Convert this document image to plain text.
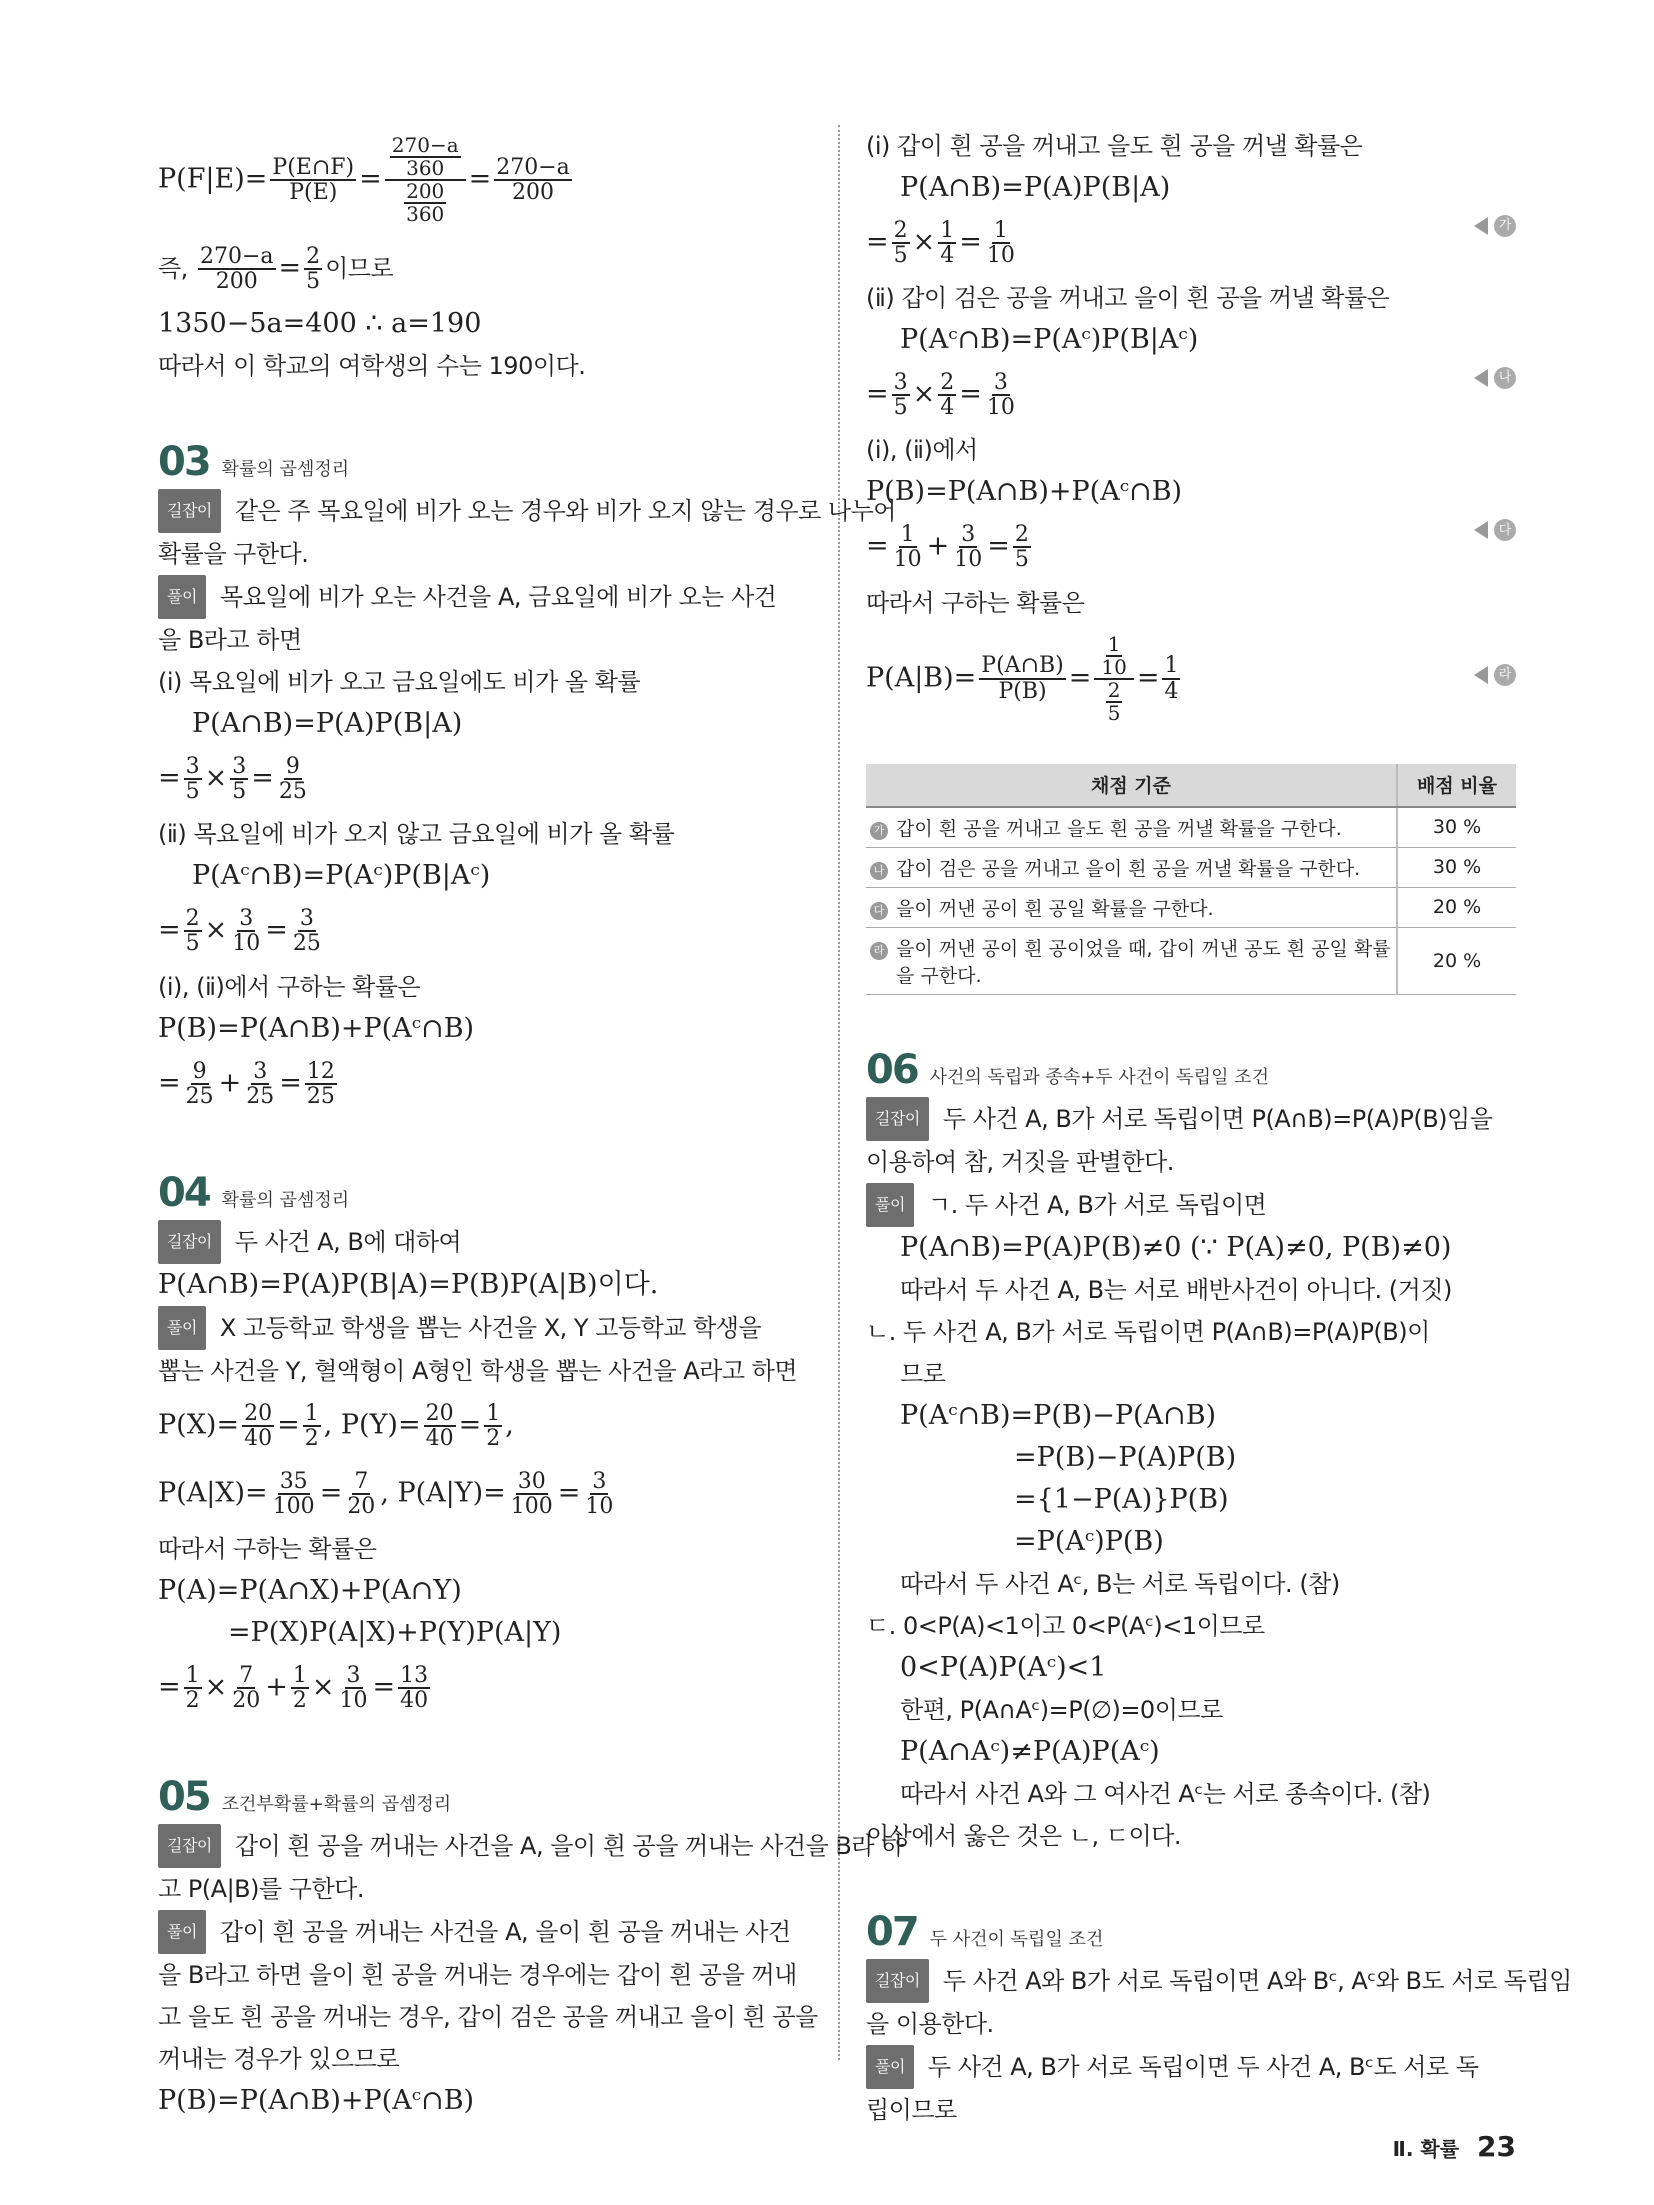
$P(F|E)= \frac{P(E\cap F)}{P(E)} = \frac{\frac{270-a}{360}}{\frac{200}{360}} = \frac{270-a}{200}$
즉, $\frac{270-a}{200} = \frac{2}{5}$ 이므로
1350−5a=400 ∴ a=190
따라서 이 학교의 여학생의 수는 190이다.
03 확률의 곱셈정리
길잡이 같은 주 목요일에 비가 오는 경우와 비가 오지 않는 경우로 나누어
확률을 구한다.
풀이 목요일에 비가 오는 사건을 A, 금요일에 비가 오는 사건
을 B라고 하면
(ⅰ) 목요일에 비가 오고 금요일에도 비가 올 확률
P(A∩B)=P(A)P(B|A)
= $\frac{3}{5} \times \frac{3}{5} = \frac{9}{25}$
(ⅱ) 목요일에 비가 오지 않고 금요일에 비가 올 확률
P(Aᶜ∩B)=P(Aᶜ)P(B|Aᶜ)
= $\frac{2}{5} \times \frac{3}{10} = \frac{3}{25}$
(ⅰ), (ⅱ)에서 구하는 확률은
P(B)=P(A∩B)+P(Aᶜ∩B)
= $\frac{9}{25} + \frac{3}{25} = \frac{12}{25}$
04 확률의 곱셈정리
길잡이 두 사건 A, B에 대하여
P(A∩B)=P(A)P(B|A)=P(B)P(A|B)이다.
풀이 X 고등학교 학생을 뽑는 사건을 X, Y 고등학교 학생을
뽑는 사건을 Y, 혈액형이 A형인 학생을 뽑는 사건을 A라고 하면
$P(X)= \frac{20}{40} = \frac{1}{2}$ , $P(Y)= \frac{20}{40} = \frac{1}{2}$ ,
$P(A|X)= \frac{35}{100} = \frac{7}{20}$ , $P(A|Y)= \frac{30}{100} = \frac{3}{10}$
따라서 구하는 확률은
P(A)=P(A∩X)+P(A∩Y)
=P(X)P(A|X)+P(Y)P(A|Y)
= $\frac{1}{2} \times \frac{7}{20} + \frac{1}{2} \times \frac{3}{10} = \frac{13}{40}$
05 조건부확률+확률의 곱셈정리
길잡이 갑이 흰 공을 꺼내는 사건을 A, 을이 흰 공을 꺼내는 사건을 B라 하
고 P(A|B)를 구한다.
풀이 갑이 흰 공을 꺼내는 사건을 A, 을이 흰 공을 꺼내는 사건
을 B라고 하면 을이 흰 공을 꺼내는 경우에는 갑이 흰 공을 꺼내
고 을도 흰 공을 꺼내는 경우, 갑이 검은 공을 꺼내고 을이 흰 공을
꺼내는 경우가 있으므로
P(B)=P(A∩B)+P(Aᶜ∩B)
(ⅰ) 갑이 흰 공을 꺼내고 을도 흰 공을 꺼낼 확률은
P(A∩B)=P(A)P(B|A)
= $\frac{2}{5} \times \frac{1}{4} = \frac{1}{10}$	가
(ⅱ) 갑이 검은 공을 꺼내고 을이 흰 공을 꺼낼 확률은
P(Aᶜ∩B)=P(Aᶜ)P(B|Aᶜ)
= $\frac{3}{5} \times \frac{2}{4} = \frac{3}{10}$	나
(ⅰ), (ⅱ)에서
P(B)=P(A∩B)+P(Aᶜ∩B)
= $\frac{1}{10} + \frac{3}{10} = \frac{2}{5}$	다
따라서 구하는 확률은
$P(A|B)= \frac{P(A\cap B)}{P(B)} = \frac{\frac{1}{10}}{\frac{2}{5}} = \frac{1}{4}$	라
채점 기준	배점 비율
가 갑이 흰 공을 꺼내고 을도 흰 공을 꺼낼 확률을 구한다.	30 %
나 갑이 검은 공을 꺼내고 을이 흰 공을 꺼낼 확률을 구한다.	30 %
다 을이 꺼낸 공이 흰 공일 확률을 구한다.	20 %
라 을이 꺼낸 공이 흰 공이었을 때, 갑이 꺼낸 공도 흰 공일 확률
을 구한다.	20 %
06 사건의 독립과 종속+두 사건이 독립일 조건
길잡이 두 사건 A, B가 서로 독립이면 P(A∩B)=P(A)P(B)임을
이용하여 참, 거짓을 판별한다.
풀이 ㄱ. 두 사건 A, B가 서로 독립이면
P(A∩B)=P(A)P(B)≠0 (∵ P(A)≠0, P(B)≠0)
따라서 두 사건 A, B는 서로 배반사건이 아니다. (거짓)
ㄴ. 두 사건 A, B가 서로 독립이면 P(A∩B)=P(A)P(B)이
므로
P(Aᶜ∩B)=P(B)−P(A∩B)
=P(B)−P(A)P(B)
={1−P(A)}P(B)
=P(Aᶜ)P(B)
따라서 두 사건 Aᶜ, B는 서로 독립이다. (참)
ㄷ. 0<P(A)<1이고 0<P(Aᶜ)<1이므로
0<P(A)P(Aᶜ)<1
한편, P(A∩Aᶜ)=P(∅)=0이므로
P(A∩Aᶜ)≠P(A)P(Aᶜ)
따라서 사건 A와 그 여사건 Aᶜ는 서로 종속이다. (참)
이상에서 옳은 것은 ㄴ, ㄷ이다.
07 두 사건이 독립일 조건
길잡이 두 사건 A와 B가 서로 독립이면 A와 Bᶜ, Aᶜ와 B도 서로 독립임
을 이용한다.
풀이 두 사건 A, B가 서로 독립이면 두 사건 A, Bᶜ도 서로 독
립이므로
Ⅱ. 확률 23
